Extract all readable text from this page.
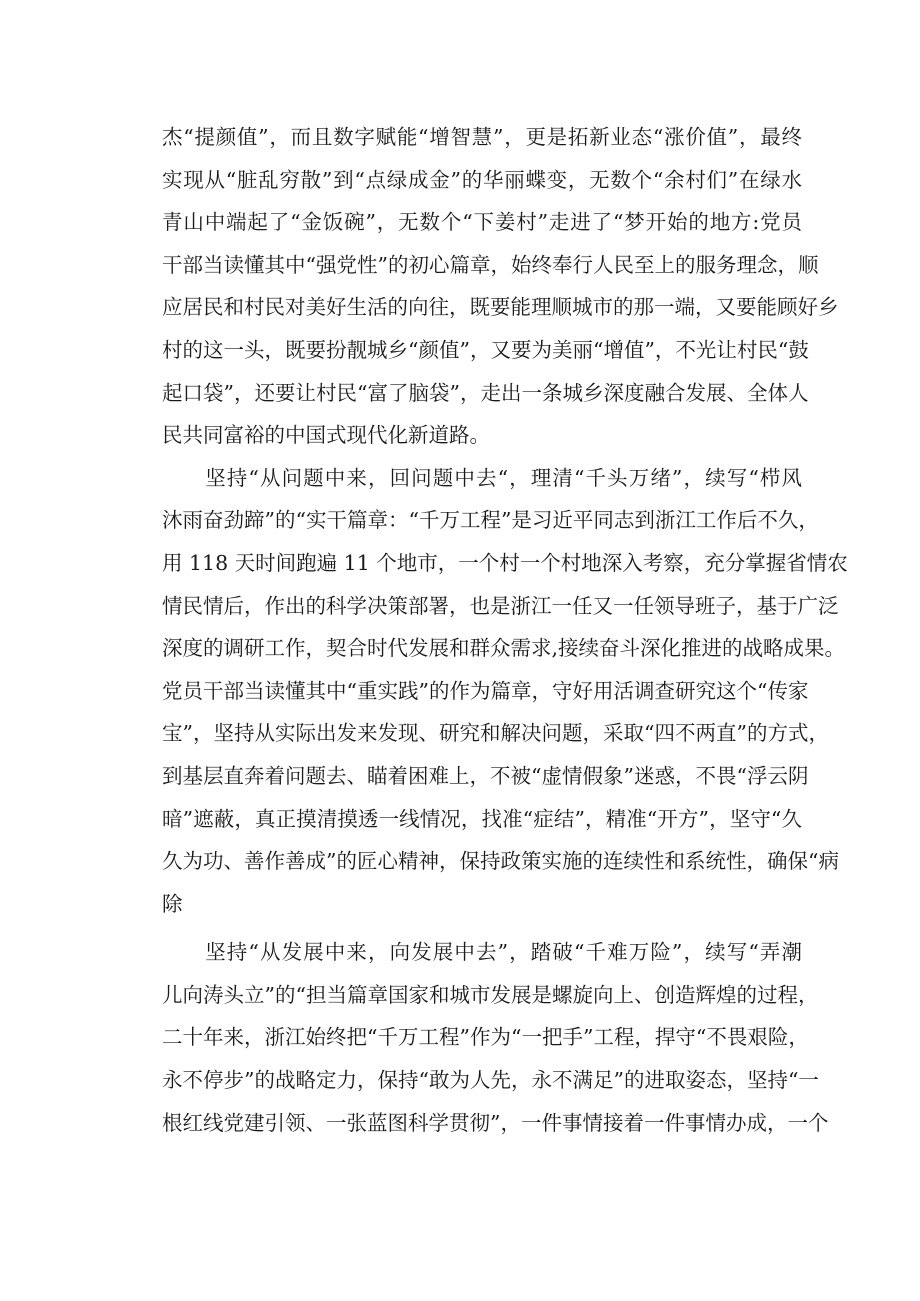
杰“提颜值”，而且数字赋能“增智慧”，更是拓新业态“涨价值”，最终
实现从“脏乱穷散”到“点绿成金”的华丽蝶变，无数个“余村们”在绿水
青山中端起了“金饭碗”，无数个“下姜村”走进了“梦开始的地方:党员
干部当读懂其中“强党性”的初心篇章，始终奉行人民至上的服务理念，顺
应居民和村民对美好生活的向往，既要能理顺城市的那一端，又要能顾好乡
村的这一头，既要扮靓城乡“颜值”，又要为美丽“增值”，不光让村民“鼓
起口袋”，还要让村民“富了脑袋”，走出一条城乡深度融合发展、全体人
民共同富裕的中国式现代化新道路。
　　坚持“从问题中来，回问题中去“，理清“千头万绪”，续写“栉风
沐雨奋劲蹄”的“实干篇章：“千万工程”是习近平同志到浙江工作后不久，
用 118 天时间跑遍 11 个地市，一个村一个村地深入考察，充分掌握省情农
情民情后，作出的科学决策部署，也是浙江一任又一任领导班子，基于广泛
深度的调研工作，契合时代发展和群众需求,接续奋斗深化推进的战略成果。
党员干部当读懂其中“重实践”的作为篇章，守好用活调查研究这个“传家
宝”，坚持从实际出发来发现、研究和解决问题，采取“四不两直”的方式，
到基层直奔着问题去、瞄着困难上，不被“虚情假象”迷惑，不畏“浮云阴
暗”遮蔽，真正摸清摸透一线情况，找准“症结”，精准“开方”，坚守“久
久为功、善作善成”的匠心精神，保持政策实施的连续性和系统性，确保“病
除
　　坚持“从发展中来，向发展中去”，踏破“千难万险”，续写“弄潮
儿向涛头立”的“担当篇章国家和城市发展是螺旋向上、创造辉煌的过程，
二十年来，浙江始终把“千万工程”作为“一把手”工程，捍守“不畏艰险，
永不停步”的战略定力，保持“敢为人先，永不满足”的进取姿态，坚持“一
根红线党建引领、一张蓝图科学贯彻”，一件事情接着一件事情办成，一个
